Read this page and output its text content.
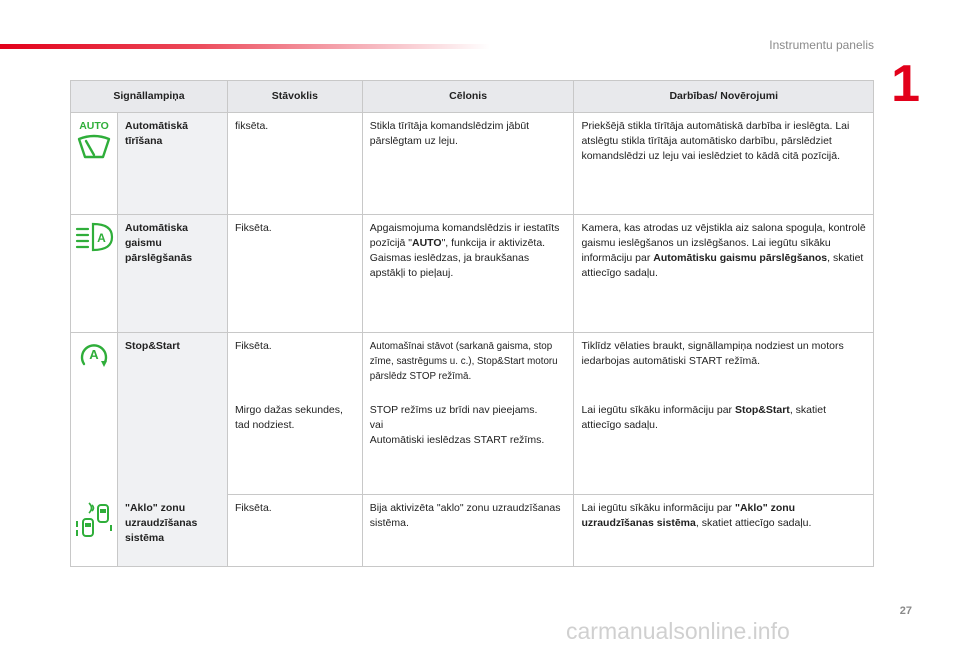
Instrumentu panelis
1
Signāllampiņa		Stāvoklis	Cēlonis	Darbības/ Novērojumi

AUTO	Automātiskā tīrīšana	fiksēta.	Stikla tīrītāja komandslēdzim jābūt pārslēgtam uz leju.	Priekšējā stikla tīrītāja automātiskā darbība ir ieslēgta. Lai atslēgtu stikla tīrītāja automātisko darbību, pārslēdziet komandslēdzi uz leju vai ieslēdziet to kādā citā pozīcijā.

A	Automātiska gaismu pārslēgšanās	Fiksēta.	Apgaismojuma komandslēdzis ir iestatīts pozīcijā "AUTO", funkcija ir aktivizēta. Gaismas ieslēdzas, ja braukšanas apstākļi to pieļauj.	Kamera, kas atrodas uz vējstikla aiz salona spoguļa, kontrolē gaismu ieslēgšanos un izslēgšanos. Lai iegūtu sīkāku informāciju par Automātisku gaismu pārslēgšanos, skatiet attiecīgo sadaļu.

A	Stop&Start	Fiksēta.	Automašīnai stāvot (sarkanā gaisma, stop zīme, sastrēgums u. c.), Stop&Start motoru pārslēdz STOP režīmā.	Tiklīdz vēlaties braukt, signāllampiņa nodziest un motors iedarbojas automātiski START režīmā.
		Mirgo dažas sekundes, tad nodziest.	STOP režīms uz brīdi nav pieejams.
vai
Automātiski ieslēdzas START režīms.	Lai iegūtu sīkāku informāciju par Stop&Start, skatiet attiecīgo sadaļu.

	"Aklo" zonu uzraudzīšanas sistēma	Fiksēta.	Bija aktivizēta "aklo" zonu uzraudzīšanas sistēma.	Lai iegūtu sīkāku informāciju par "Aklo" zonu uzraudzīšanas sistēma, skatiet attiecīgo sadaļu.
27
carmanualsonline.info
